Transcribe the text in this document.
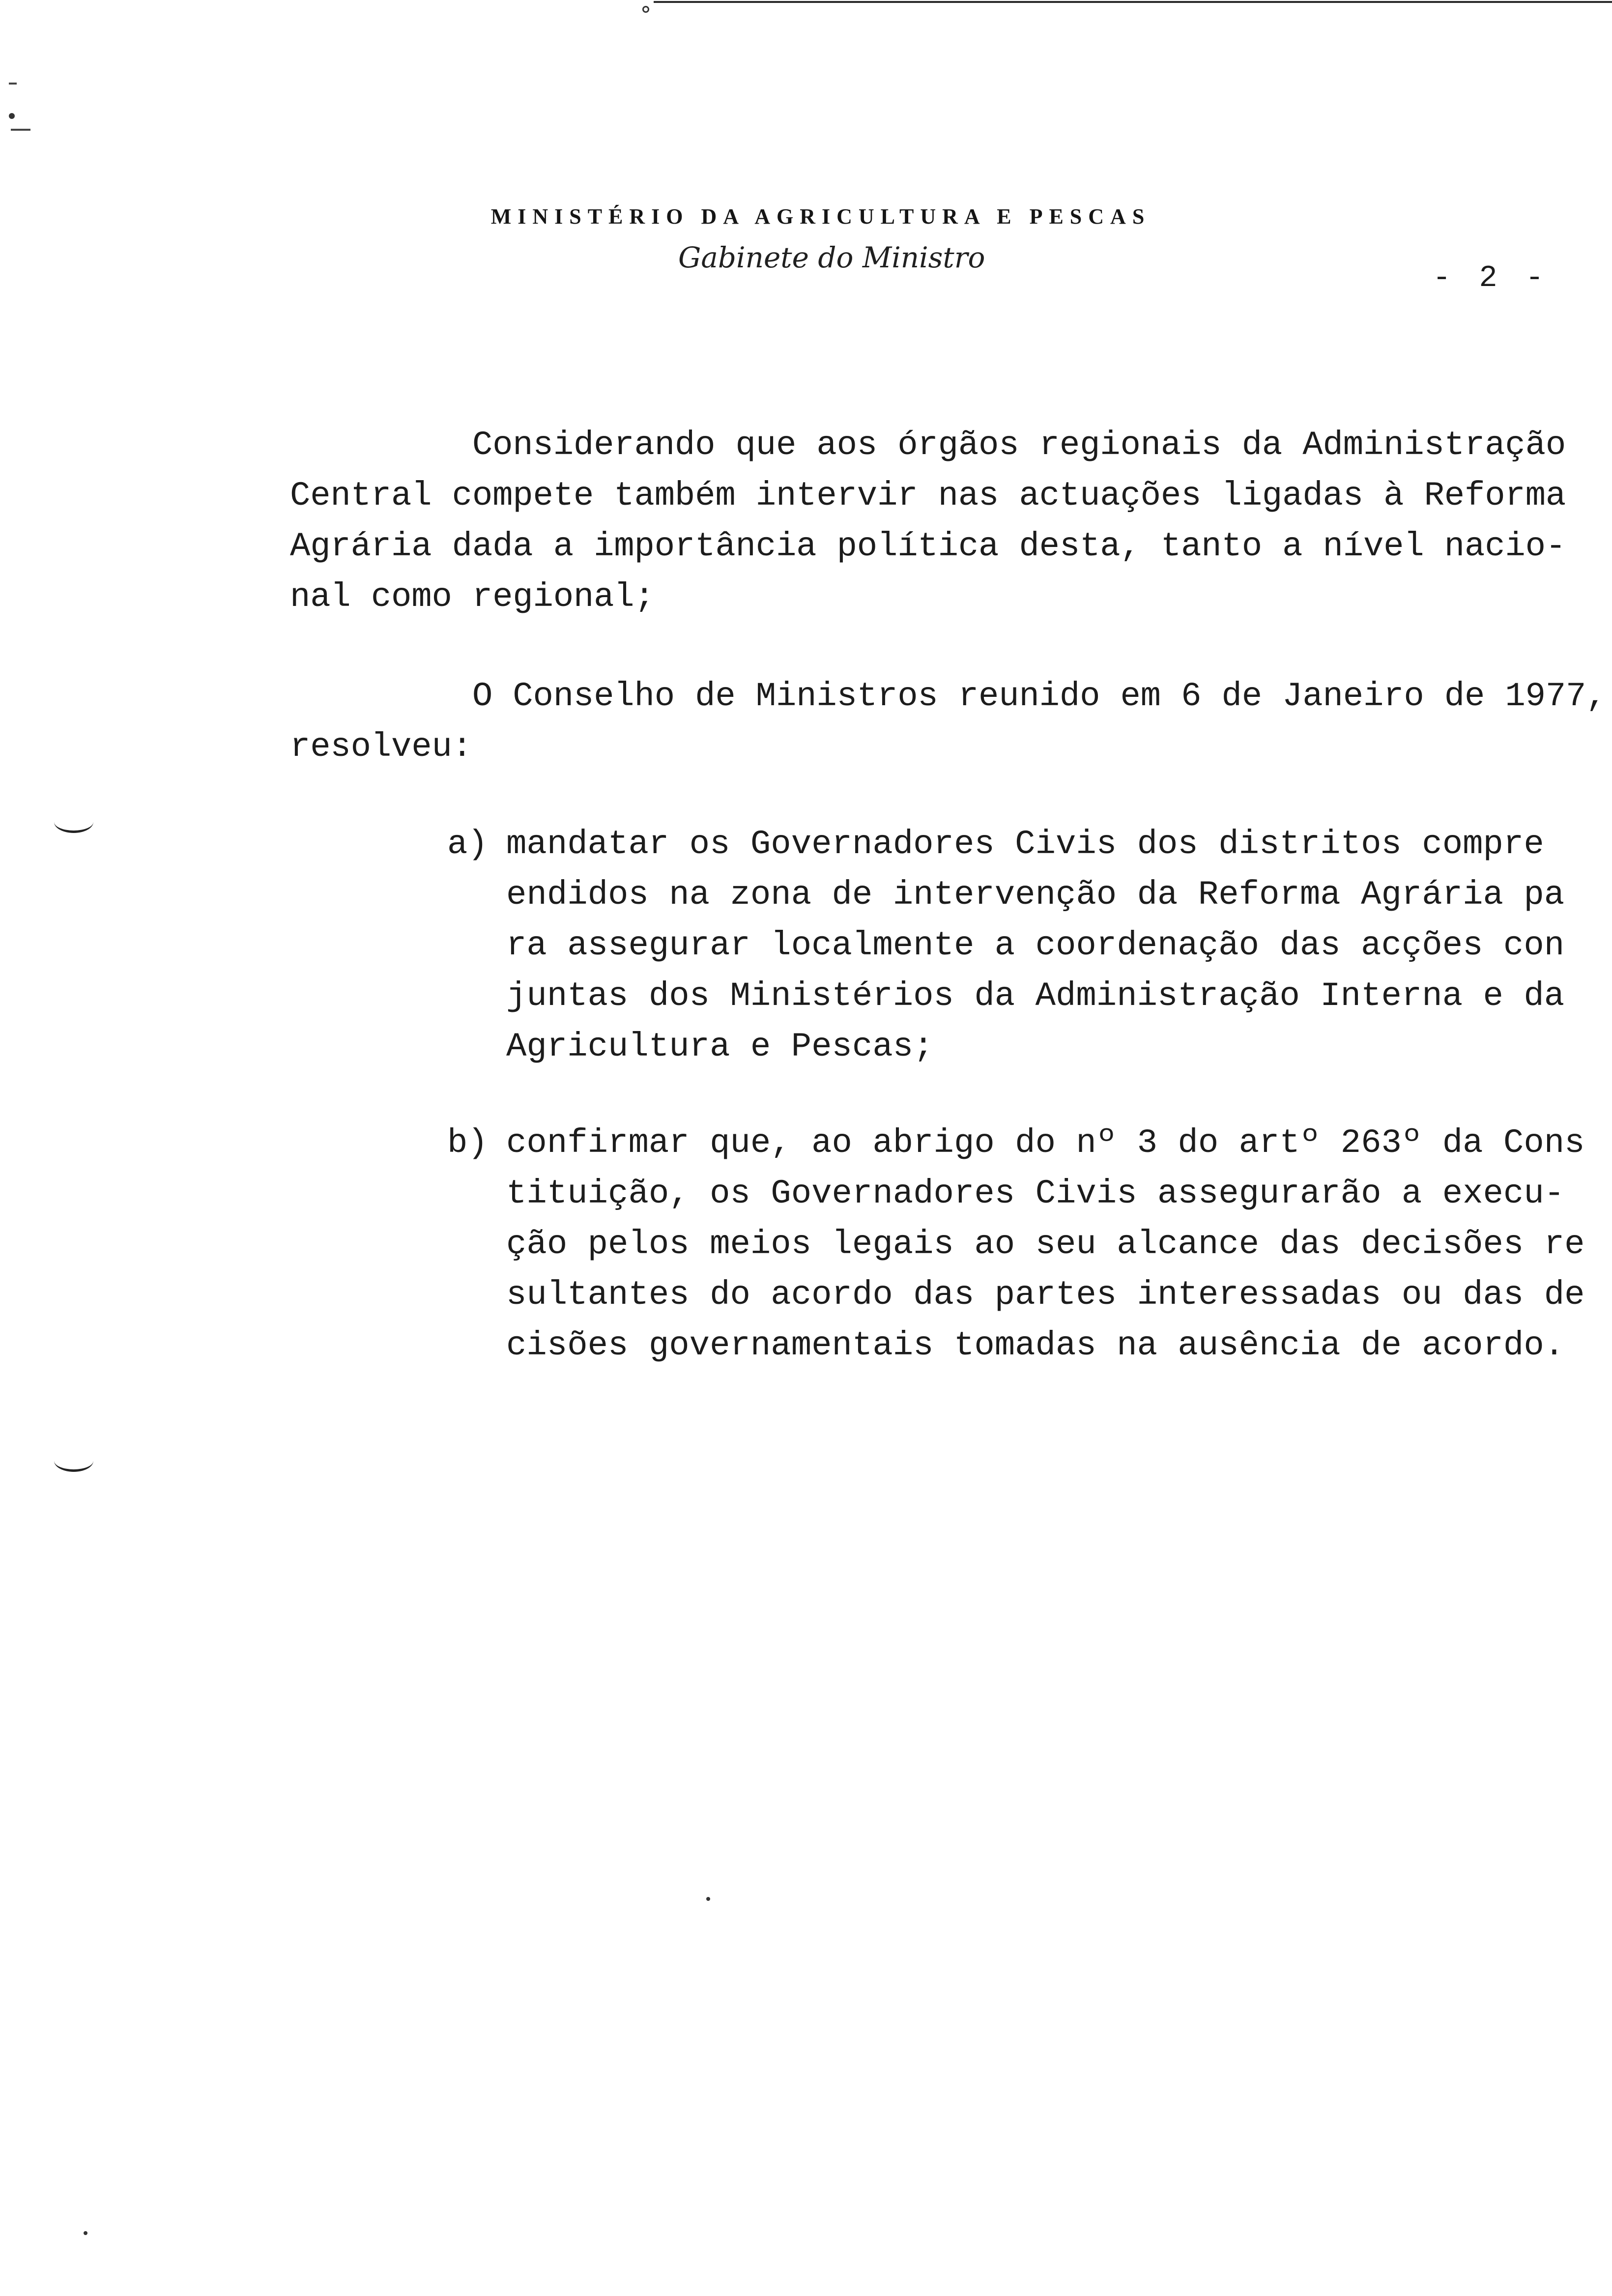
MINISTÉRIO DA AGRICULTURA E PESCAS
Gabinete do Ministro
- 2 -
Considerando que aos órgãos regionais da Administração
Central compete também intervir nas actuações ligadas à Reforma
Agrária dada a importância política desta, tanto a nível nacio-
nal como regional;
O Conselho de Ministros reunido em 6 de Janeiro de 1977,
resolveu:
a) mandatar os Governadores Civis dos distritos compre
endidos na zona de intervenção da Reforma Agrária pa
ra assegurar localmente a coordenação das acções con
juntas dos Ministérios da Administração Interna e da
Agricultura e Pescas;
b) confirmar que, ao abrigo do nº 3 do artº 263º da Cons
tituição, os Governadores Civis assegurarão a execu-
ção pelos meios legais ao seu alcance das decisões re
sultantes do acordo das partes interessadas ou das de
cisões governamentais tomadas na ausência de acordo.
